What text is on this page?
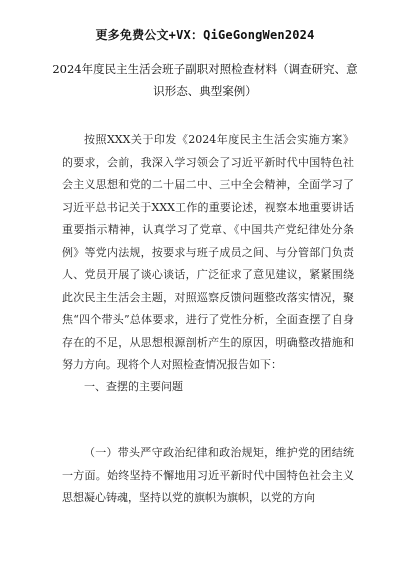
更多免费公文+VX：QiGeGongWen2024
2024年度民主生活会班子副职对照检查材料（调查研究、意识形态、典型案例）
按照XXX关于印发《2024年度民主生活会实施方案》的要求，会前，我深入学习领会了习近平新时代中国特色社会主义思想和党的二十届二中、三中全会精神，全面学习了习近平总书记关于XXX工作的重要论述，视察本地重要讲话重要指示精神，认真学习了党章、《中国共产党纪律处分条例》等党内法规，按要求与班子成员之间、与分管部门负责人、党员开展了谈心谈话，广泛征求了意见建议，紧紧围绕此次民主生活会主题，对照巡察反馈问题整改落实情况，聚焦“四个带头”总体要求，进行了党性分析，全面查摆了自身存在的不足，从思想根源剖析产生的原因，明确整改措施和努力方向。现将个人对照检查情况报告如下：
一、查摆的主要问题
（一）带头严守政治纪律和政治规矩，维护党的团结统一方面。始终坚持不懈地用习近平新时代中国特色社会主义思想凝心铸魂，坚持以党的旗帜为旗帜，以党的方向
